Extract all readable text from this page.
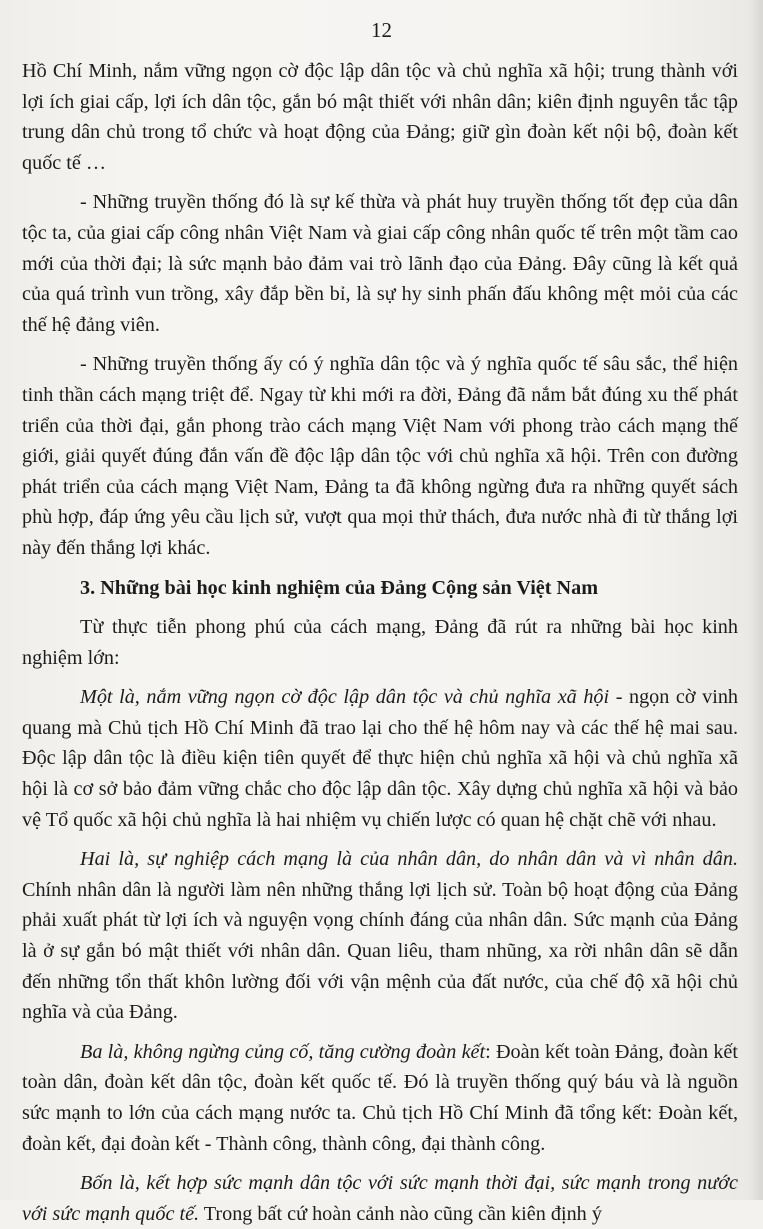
12

Hồ Chí Minh, nắm vững ngọn cờ độc lập dân tộc và chủ nghĩa xã hội; trung thành với lợi ích giai cấp, lợi ích dân tộc, gắn bó mật thiết với nhân dân; kiên định nguyên tắc tập trung dân chủ trong tổ chức và hoạt động của Đảng; giữ gìn đoàn kết nội bộ, đoàn kết quốc tế …

- Những truyền thống đó là sự kế thừa và phát huy truyền thống tốt đẹp của dân tộc ta, của giai cấp công nhân Việt Nam và giai cấp công nhân quốc tế trên một tầm cao mới của thời đại; là sức mạnh bảo đảm vai trò lãnh đạo của Đảng. Đây cũng là kết quả của quá trình vun trồng, xây đắp bền bỉ, là sự hy sinh phấn đấu không mệt mỏi của các thế hệ đảng viên.

- Những truyền thống ấy có ý nghĩa dân tộc và ý nghĩa quốc tế sâu sắc, thể hiện tinh thần cách mạng triệt để. Ngay từ khi mới ra đời, Đảng đã nắm bắt đúng xu thế phát triển của thời đại, gắn phong trào cách mạng Việt Nam với phong trào cách mạng thế giới, giải quyết đúng đắn vấn đề độc lập dân tộc với chủ nghĩa xã hội. Trên con đường phát triển của cách mạng Việt Nam, Đảng ta đã không ngừng đưa ra những quyết sách phù hợp, đáp ứng yêu cầu lịch sử, vượt qua mọi thử thách, đưa nước nhà đi từ thắng lợi này đến thắng lợi khác.

3. Những bài học kinh nghiệm của Đảng Cộng sản Việt Nam

Từ thực tiễn phong phú của cách mạng, Đảng đã rút ra những bài học kinh nghiệm lớn:

Một là, nắm vững ngọn cờ độc lập dân tộc và chủ nghĩa xã hội - ngọn cờ vinh quang mà Chủ tịch Hồ Chí Minh đã trao lại cho thế hệ hôm nay và các thế hệ mai sau. Độc lập dân tộc là điều kiện tiên quyết để thực hiện chủ nghĩa xã hội và chủ nghĩa xã hội là cơ sở bảo đảm vững chắc cho độc lập dân tộc. Xây dựng chủ nghĩa xã hội và bảo vệ Tổ quốc xã hội chủ nghĩa là hai nhiệm vụ chiến lược có quan hệ chặt chẽ với nhau.

Hai là, sự nghiệp cách mạng là của nhân dân, do nhân dân và vì nhân dân. Chính nhân dân là người làm nên những thắng lợi lịch sử. Toàn bộ hoạt động của Đảng phải xuất phát từ lợi ích và nguyện vọng chính đáng của nhân dân. Sức mạnh của Đảng là ở sự gắn bó mật thiết với nhân dân. Quan liêu, tham nhũng, xa rời nhân dân sẽ dẫn đến những tổn thất khôn lường đối với vận mệnh của đất nước, của chế độ xã hội chủ nghĩa và của Đảng.

Ba là, không ngừng củng cố, tăng cường đoàn kết: Đoàn kết toàn Đảng, đoàn kết toàn dân, đoàn kết dân tộc, đoàn kết quốc tế. Đó là truyền thống quý báu và là nguồn sức mạnh to lớn của cách mạng nước ta. Chủ tịch Hồ Chí Minh đã tổng kết: Đoàn kết, đoàn kết, đại đoàn kết - Thành công, thành công, đại thành công.

Bốn là, kết hợp sức mạnh dân tộc với sức mạnh thời đại, sức mạnh trong nước với sức mạnh quốc tế. Trong bất cứ hoàn cảnh nào cũng cần kiên định ý
